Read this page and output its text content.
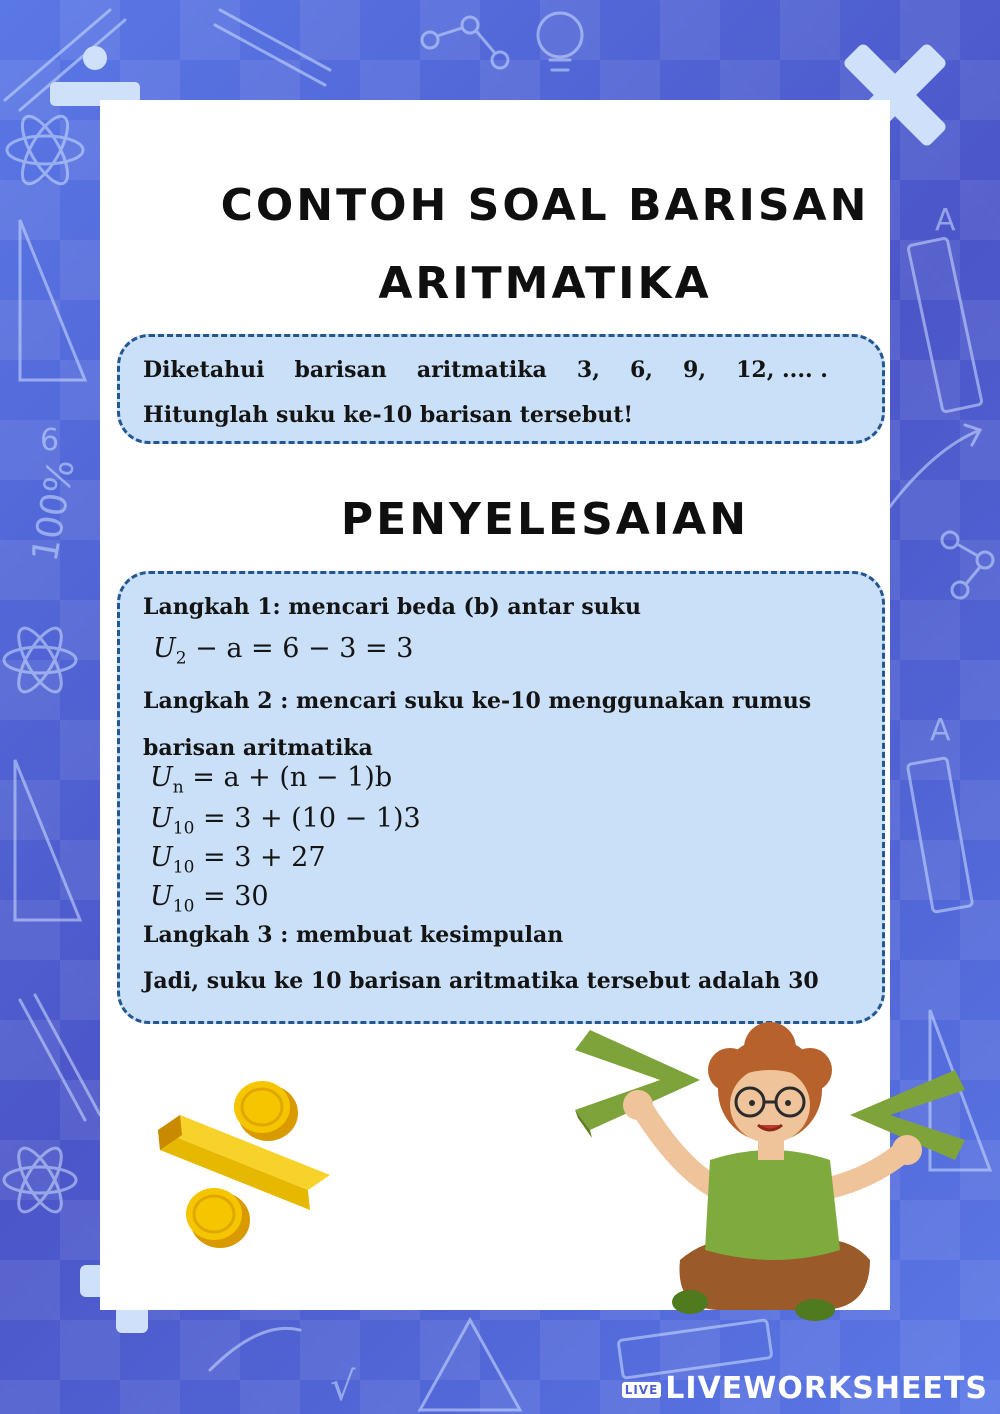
100%
A
A
6
√
CONTOH SOAL BARISAN
ARITMATIKA
Diketahui barisan aritmatika 3, 6, 9, 12, .... .
Hitunglah suku ke-10 barisan tersebut!
PENYELESAIAN
Langkah 1: mencari beda (b) antar suku
$U_2 - a = 6 - 3 = 3$
Langkah 2 : mencari suku ke-10 menggunakan rumus
barisan aritmatika
$U_n = a + (n - 1)b$
$U_{10} = 3 + (10 - 1)3$
$U_{10} = 3 + 27$
$U_{10} = 30$
Langkah 3 : membuat kesimpulan
Jadi, suku ke 10 barisan aritmatika tersebut adalah 30
LIVE LIVEWORKSHEETS
